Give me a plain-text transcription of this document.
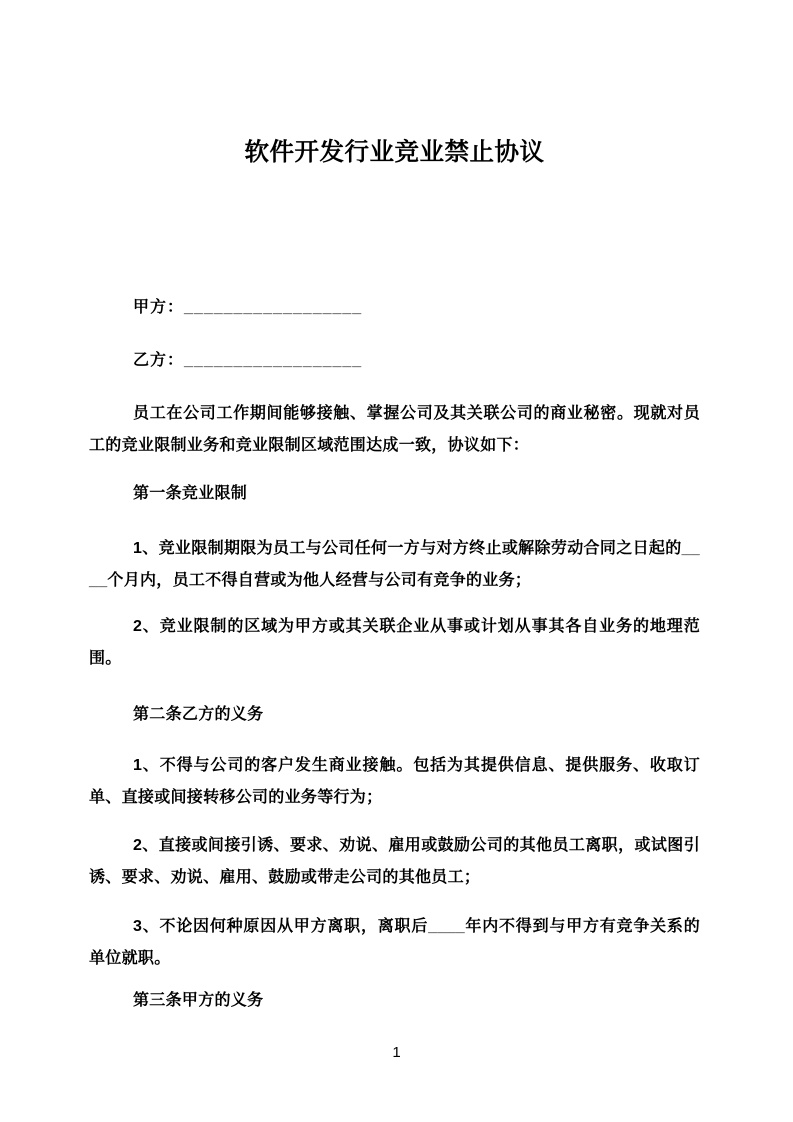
软件开发行业竞业禁止协议

甲方：__________________

乙方：__________________

员工在公司工作期间能够接触、掌握公司及其关联公司的商业秘密。现就对员工的竞业限制业务和竞业限制区域范围达成一致，协议如下：

第一条竞业限制

1、竞业限制期限为员工与公司任何一方与对方终止或解除劳动合同之日起的____个月内，员工不得自营或为他人经营与公司有竞争的业务；

2、竞业限制的区域为甲方或其关联企业从事或计划从事其各自业务的地理范围。

第二条乙方的义务

1、不得与公司的客户发生商业接触。包括为其提供信息、提供服务、收取订单、直接或间接转移公司的业务等行为；

2、直接或间接引诱、要求、劝说、雇用或鼓励公司的其他员工离职，或试图引诱、要求、劝说、雇用、鼓励或带走公司的其他员工；

3、不论因何种原因从甲方离职，离职后____年内不得到与甲方有竞争关系的单位就职。

第三条甲方的义务

1
